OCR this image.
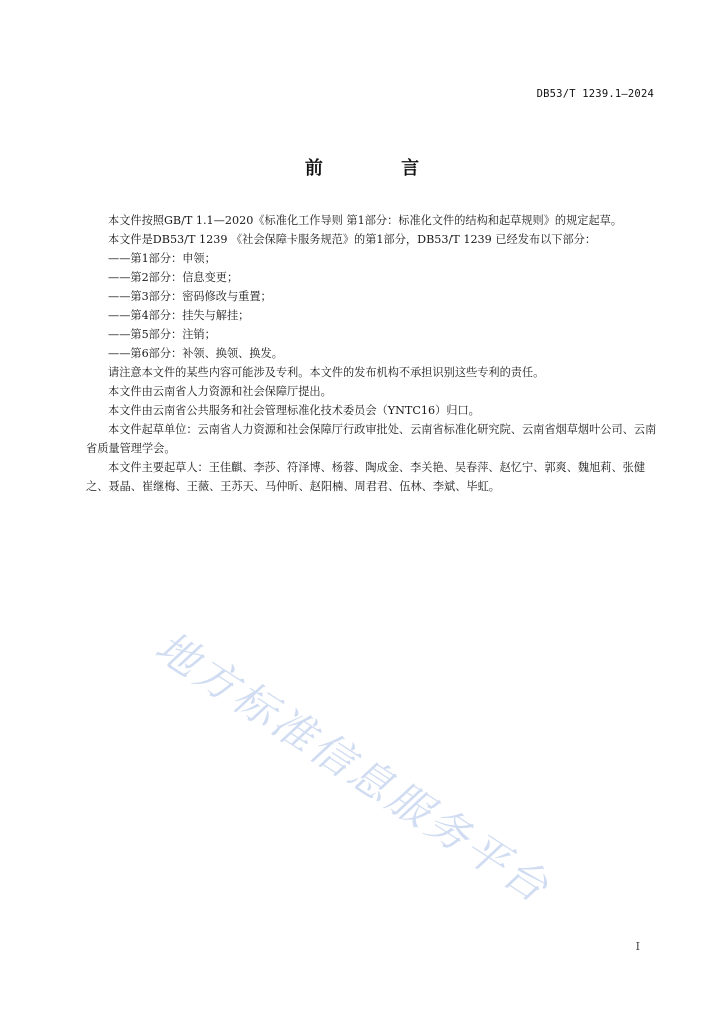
DB53/T 1239.1—2024
前 言

本文件按照GB/T 1.1—2020《标准化工作导则 第1部分：标准化文件的结构和起草规则》的规定起草。

本文件是DB53/T 1239 《社会保障卡服务规范》的第1部分，DB53/T 1239 已经发布以下部分：

——第1部分：申领；
——第2部分：信息变更；
——第3部分：密码修改与重置；
——第4部分：挂失与解挂；
——第5部分：注销；
——第6部分：补领、换领、换发。

请注意本文件的某些内容可能涉及专利。本文件的发布机构不承担识别这些专利的责任。

本文件由云南省人力资源和社会保障厅提出。

本文件由云南省公共服务和社会管理标准化技术委员会（YNTC16）归口。

本文件起草单位：云南省人力资源和社会保障厅行政审批处、云南省标准化研究院、云南省烟草烟叶公司、云南省质量管理学会。

本文件主要起草人：王佳麒、李莎、符泽博、杨蓉、陶成金、李关艳、吴春萍、赵忆宁、郭爽、魏旭莉、张健之、聂晶、崔继梅、王薇、王苏天、马仲昕、赵阳楠、周君君、伍林、李斌、毕虹。

地方标准信息服务平台
I
